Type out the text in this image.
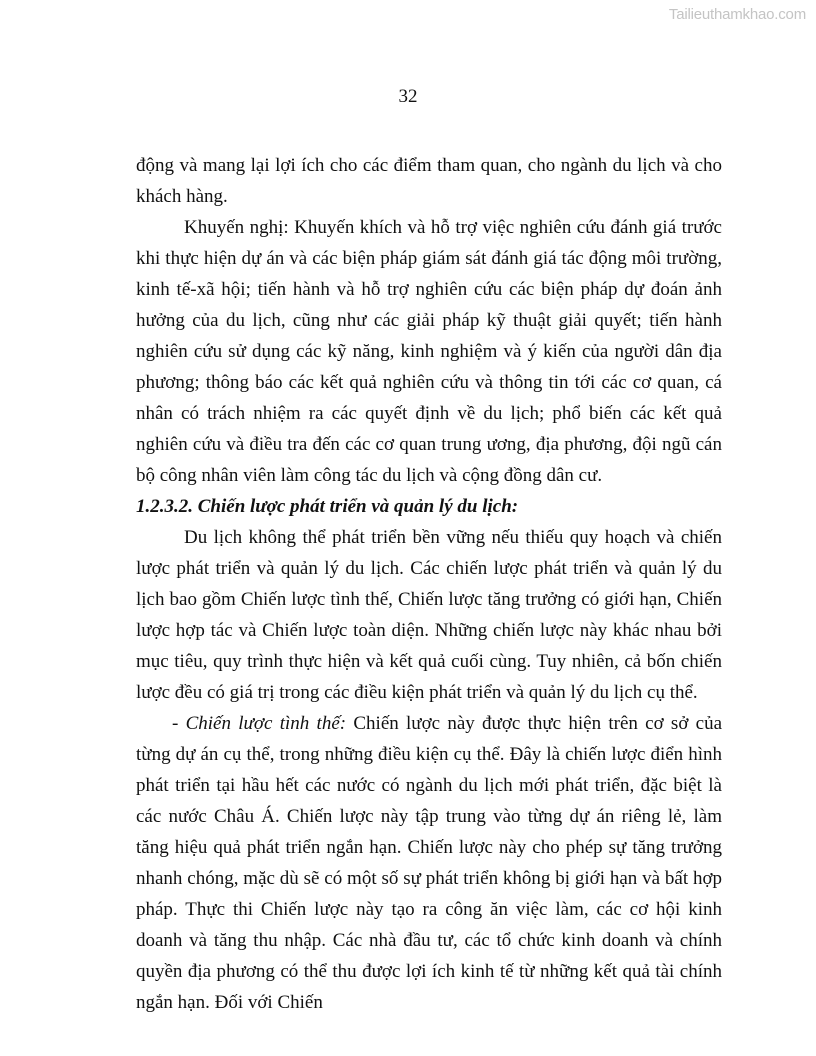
Tailieuthamkhao.com
32

động và mang lại lợi ích cho các điểm tham quan, cho ngành du lịch và cho khách hàng.

Khuyến nghị: Khuyến khích và hỗ trợ việc nghiên cứu đánh giá trước khi thực hiện dự án và các biện pháp giám sát đánh giá tác động môi trường, kinh tế-xã hội; tiến hành và hỗ trợ nghiên cứu các biện pháp dự đoán ảnh hưởng của du lịch, cũng như các giải pháp kỹ thuật giải quyết; tiến hành nghiên cứu sử dụng các kỹ năng, kinh nghiệm và ý kiến của người dân địa phương; thông báo các kết quả nghiên cứu và thông tin tới các cơ quan, cá nhân có trách nhiệm ra các quyết định về du lịch; phổ biến các kết quả nghiên cứu và điều tra đến các cơ quan trung ương, địa phương, đội ngũ cán bộ công nhân viên làm công tác du lịch và cộng đồng dân cư.

1.2.3.2. Chiến lược phát triển và quản lý du lịch:

Du lịch không thể phát triển bền vững nếu thiếu quy hoạch và chiến lược phát triển và quản lý du lịch. Các chiến lược phát triển và quản lý du lịch bao gồm Chiến lược tình thế, Chiến lược tăng trưởng có giới hạn, Chiến lược hợp tác và Chiến lược toàn diện. Những chiến lược này khác nhau bởi mục tiêu, quy trình thực hiện và kết quả cuối cùng. Tuy nhiên, cả bốn chiến lược đều có giá trị trong các điều kiện phát triển và quản lý du lịch cụ thể.

- Chiến lược tình thế: Chiến lược này được thực hiện trên cơ sở của từng dự án cụ thể, trong những điều kiện cụ thể. Đây là chiến lược điển hình phát triển tại hầu hết các nước có ngành du lịch mới phát triển, đặc biệt là các nước Châu Á. Chiến lược này tập trung vào từng dự án riêng lẻ, làm tăng hiệu quả phát triển ngắn hạn. Chiến lược này cho phép sự tăng trưởng nhanh chóng, mặc dù sẽ có một số sự phát triển không bị giới hạn và bất hợp pháp. Thực thi Chiến lược này tạo ra công ăn việc làm, các cơ hội kinh doanh và tăng thu nhập. Các nhà đầu tư, các tổ chức kinh doanh và chính quyền địa phương có thể thu được lợi ích kinh tế từ những kết quả tài chính ngắn hạn. Đối với Chiến
